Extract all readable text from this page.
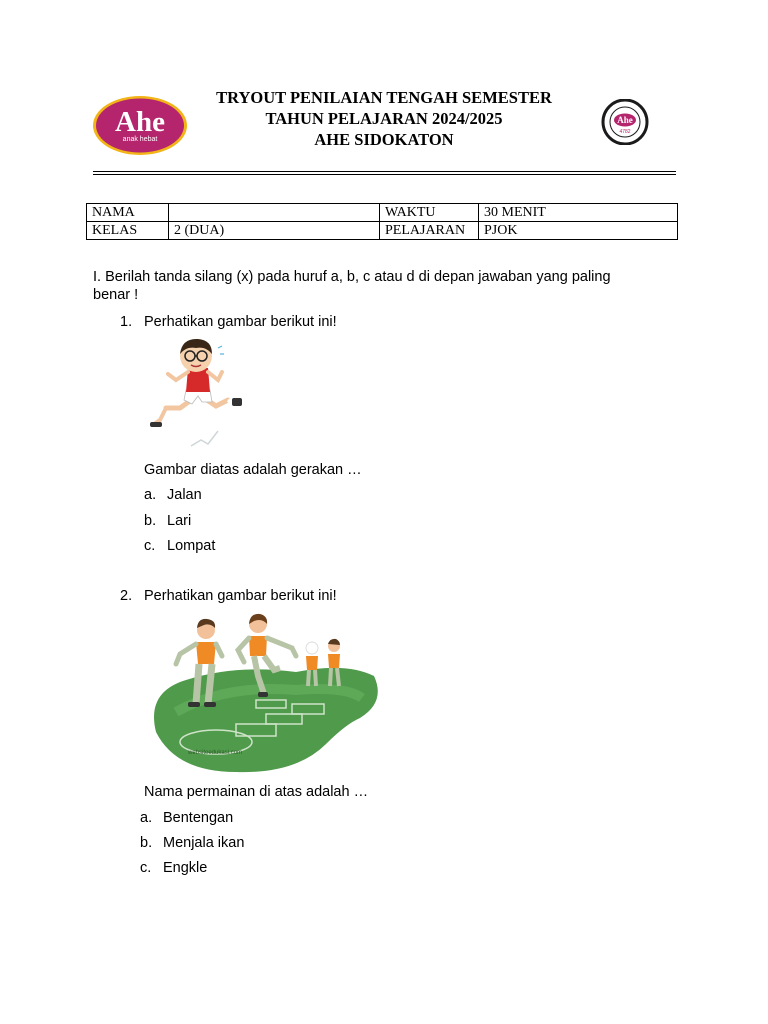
Ahe
anak hebat
TRYOUT PENILAIAN TENGAH SEMESTER
TAHUN PELAJARAN 2024/2025
AHE SIDOKATON
Ahe
4782
NAMA		WAKTU	30 MENIT
KELAS	2 (DUA)	PELAJARAN	PJOK
I. Berilah tanda silang (x) pada huruf a, b, c atau d di depan jawaban yang paling
benar !
1. Perhatikan gambar berikut ini!
Gambar diatas adalah gerakan …
a. Jalan
b. Lari
c. Lompat
2. Perhatikan gambar berikut ini!
websiteedukasi.com
Nama permainan di atas adalah …
a. Bentengan
b. Menjala ikan
c. Engkle
